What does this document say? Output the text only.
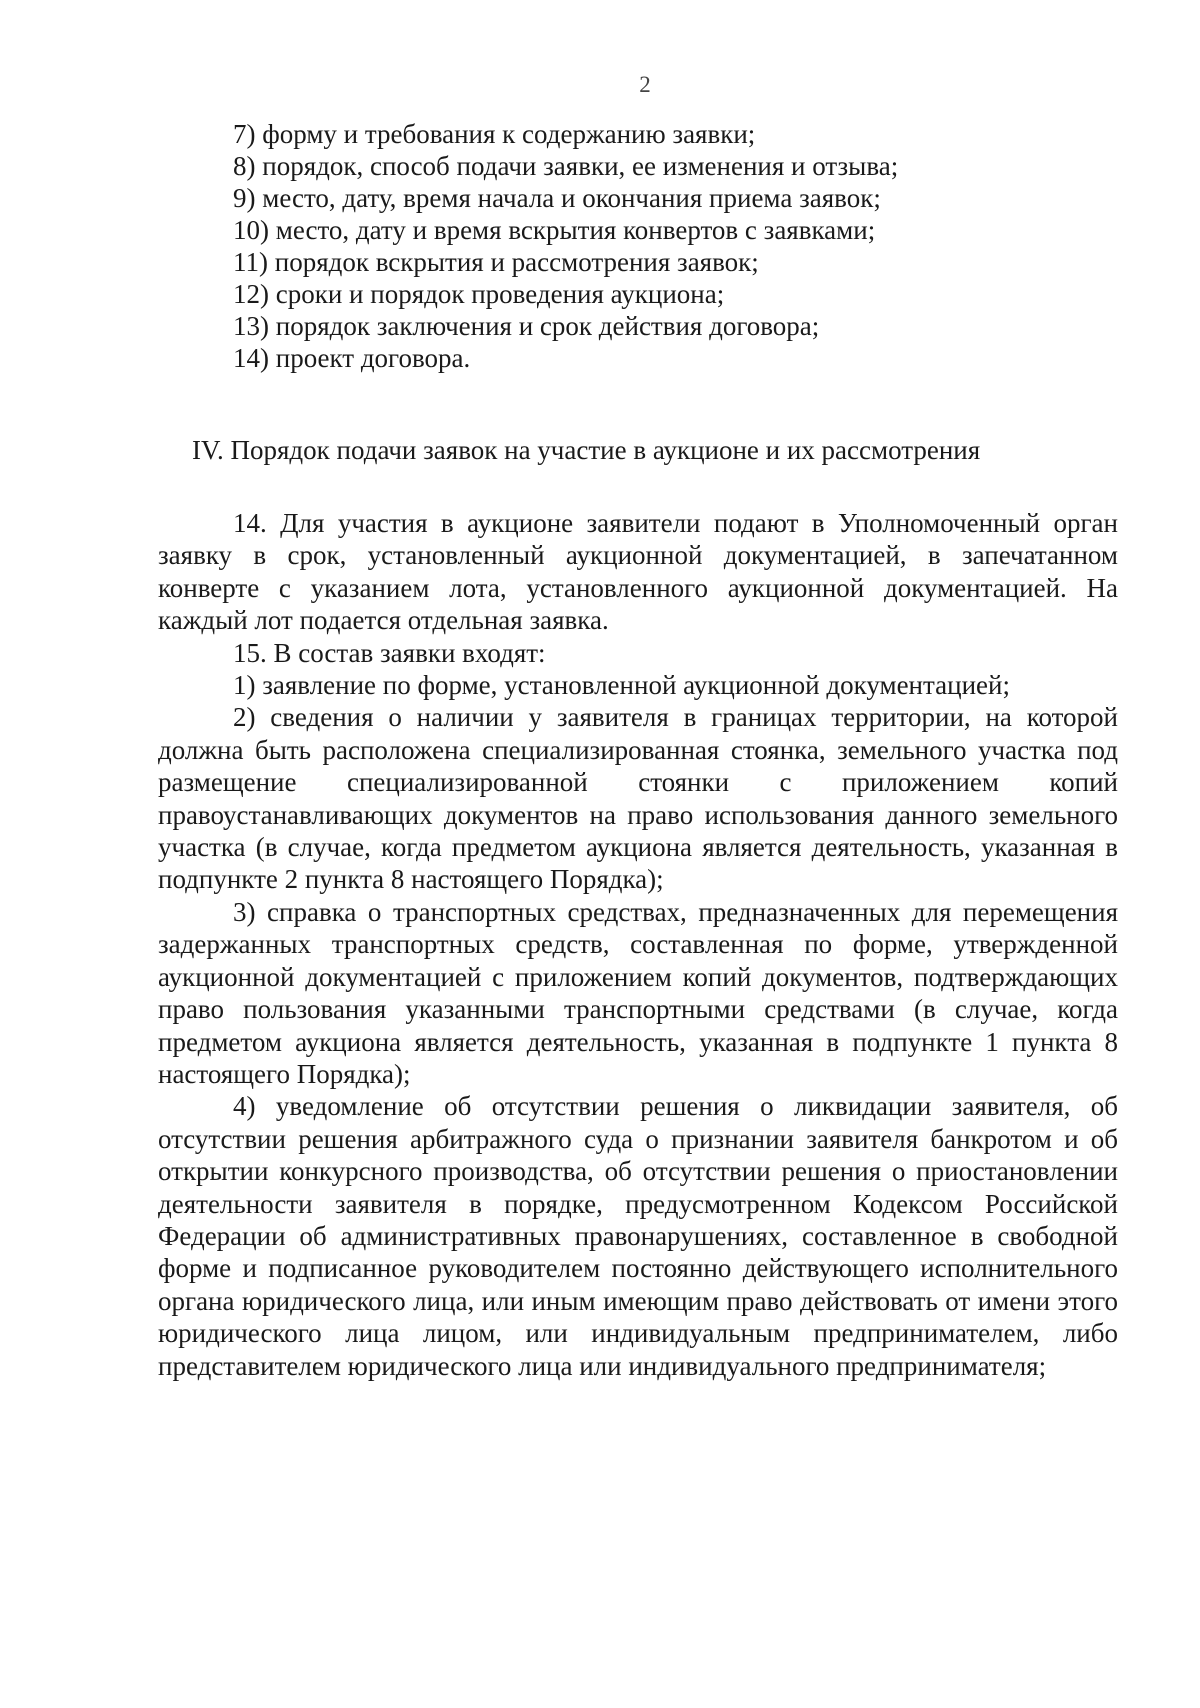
2
7) форму и требования к содержанию заявки;
8) порядок, способ подачи заявки, ее изменения и отзыва;
9) место, дату, время начала и окончания приема заявок;
10) место, дату и время вскрытия конвертов с заявками;
11) порядок вскрытия и рассмотрения заявок;
12) сроки и порядок проведения аукциона;
13) порядок заключения и срок действия договора;
14) проект договора.
IV. Порядок подачи заявок на участие в аукционе и их рассмотрения

14. Для участия в аукционе заявители подают в Уполномоченный орган заявку в срок, установленный аукционной документацией, в запечатанном конверте с указанием лота, установленного аукционной документацией. На каждый лот подается отдельная заявка.

15. В состав заявки входят:

1) заявление по форме, установленной аукционной документацией;

2) сведения о наличии у заявителя в границах территории, на которой должна быть расположена специализированная стоянка, земельного участка под размещение специализированной стоянки с приложением копий правоустанавливающих документов на право использования данного земельного участка (в случае, когда предметом аукциона является деятельность, указанная в подпункте 2 пункта 8 настоящего Порядка);

3) справка о транспортных средствах, предназначенных для перемещения задержанных транспортных средств, составленная по форме, утвержденной аукционной документацией с приложением копий документов, подтверждающих право пользования указанными транспортными средствами (в случае, когда предметом аукциона является деятельность, указанная в подпункте 1 пункта 8 настоящего Порядка);

4) уведомление об отсутствии решения о ликвидации заявителя, об отсутствии решения арбитражного суда о признании заявителя банкротом и об открытии конкурсного производства, об отсутствии решения о приостановлении деятельности заявителя в порядке, предусмотренном Кодексом Российской Федерации об административных правонарушениях, составленное в свободной форме и подписанное руководителем постоянно действующего исполнительного органа юридического лица, или иным имеющим право действовать от имени этого юридического лица лицом, или индивидуальным предпринимателем, либо представителем юридического лица или индивидуального предпринимателя;
